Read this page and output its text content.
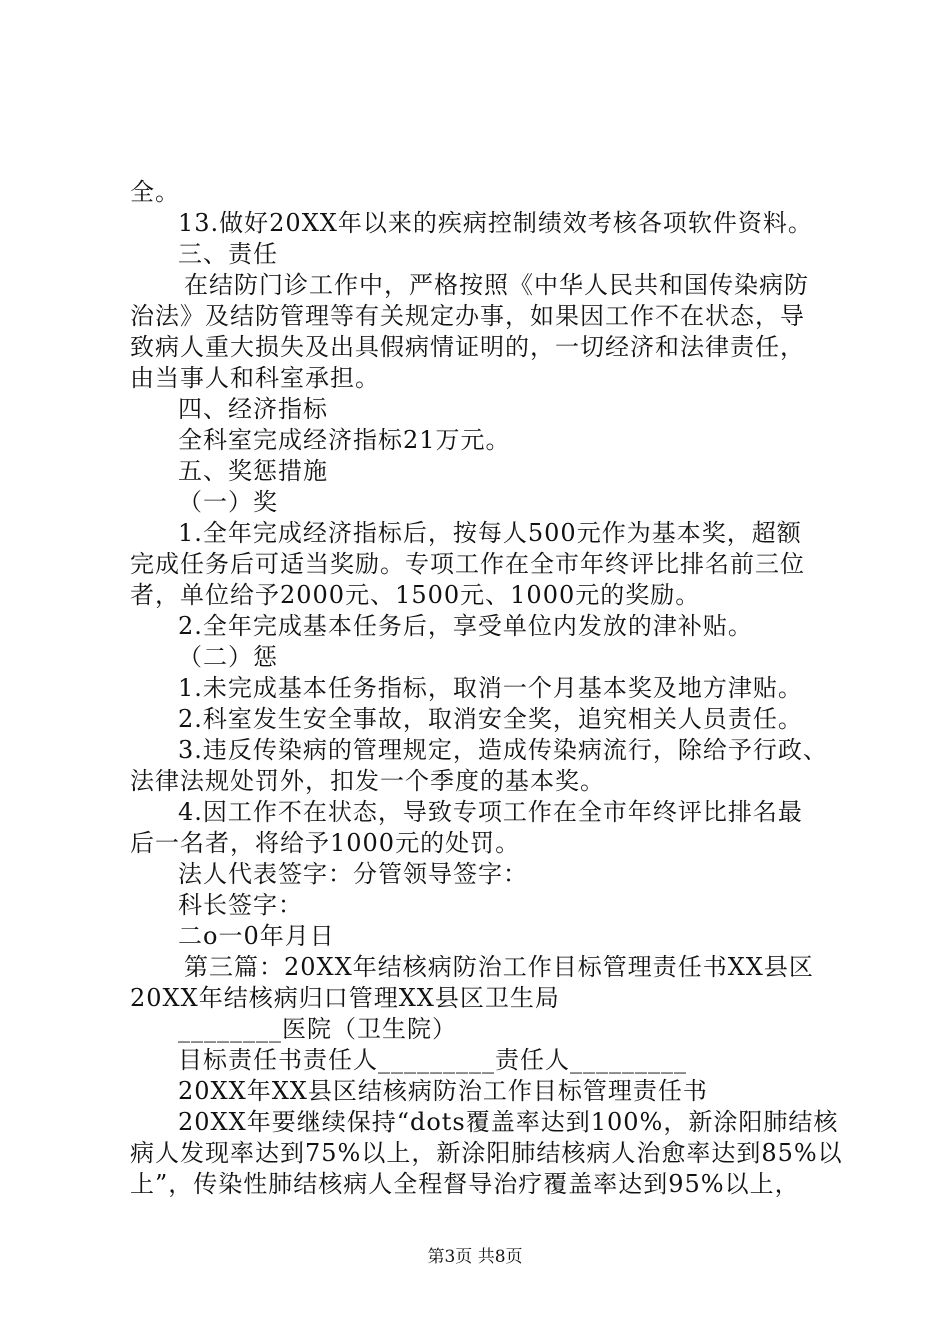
全。
13.做好20XX年以来的疾病控制绩效考核各项软件资料。
三、责任
在结防门诊工作中，严格按照《中华人民共和国传染病防
治法》及结防管理等有关规定办事，如果因工作不在状态，导
致病人重大损失及出具假病情证明的，一切经济和法律责任，
由当事人和科室承担。
四、经济指标
全科室完成经济指标21万元。
五、奖惩措施
（一）奖
1.全年完成经济指标后，按每人500元作为基本奖，超额
完成任务后可适当奖励。专项工作在全市年终评比排名前三位
者，单位给予2000元、1500元、1000元的奖励。
2.全年完成基本任务后，享受单位内发放的津补贴。
（二）惩
1.未完成基本任务指标，取消一个月基本奖及地方津贴。
2.科室发生安全事故，取消安全奖，追究相关人员责任。
3.违反传染病的管理规定，造成传染病流行，除给予行政、
法律法规处罚外，扣发一个季度的基本奖。
4.因工作不在状态，导致专项工作在全市年终评比排名最
后一名者，将给予1000元的处罚。
法人代表签字：分管领导签字：
科长签字：
二o一0年月日
第三篇：20XX年结核病防治工作目标管理责任书XX县区
20XX年结核病归口管理XX县区卫生局
________医院（卫生院）
目标责任书责任人_________责任人_________
20XX年XX县区结核病防治工作目标管理责任书
20XX年要继续保持“dots覆盖率达到100%，新涂阳肺结核
病人发现率达到75%以上，新涂阳肺结核病人治愈率达到85%以
上”，传染性肺结核病人全程督导治疗覆盖率达到95%以上，
第3页 共8页
